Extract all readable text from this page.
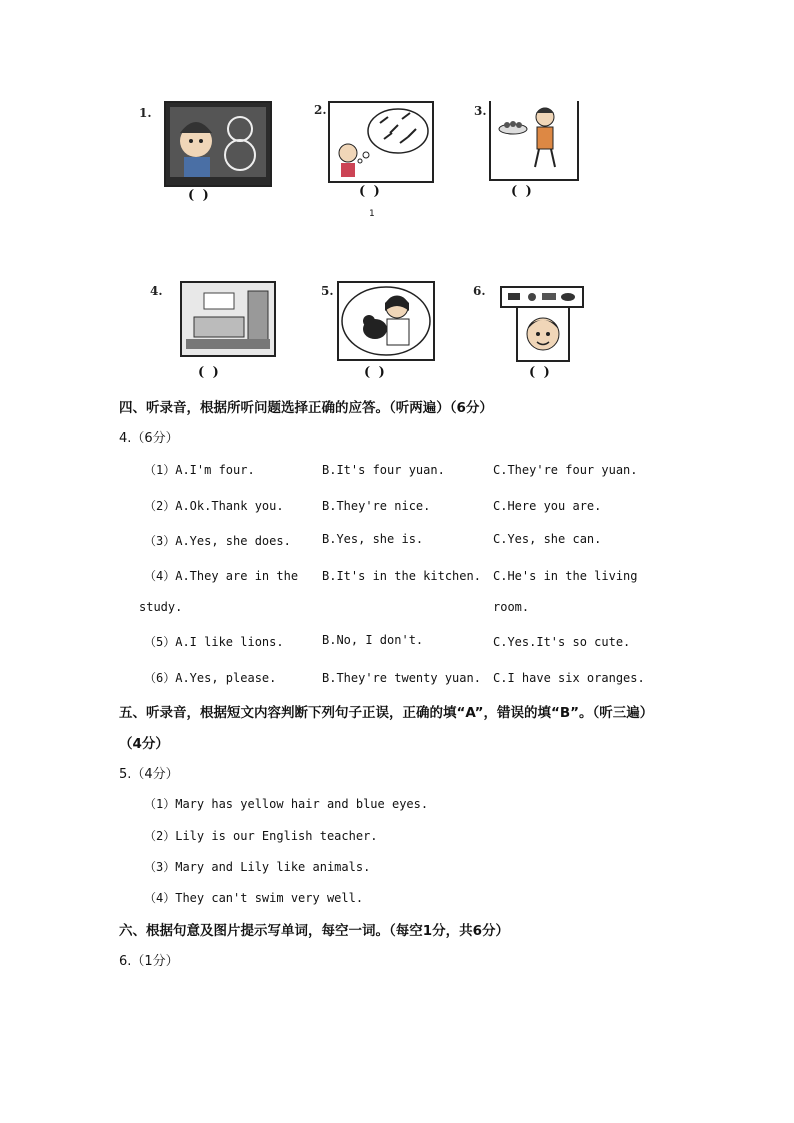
1.
( )
2.
( )
1
3.
( )
4.
( )
5.
( )
6.
( )
四、听录音，根据所听问题选择正确的应答。（听两遍）（6分）
4.（6分）
（1）A.I'm four.	B.It's four yuan.	C.They're four yuan.
（2）A.Ok.Thank you.	B.They're nice.	C.Here you are.
（3）A.Yes, she does.	B.Yes, she is.	C.Yes, she can.
（4）A.They are in the
study.
B.It's in the kitchen. C.He's in the living
room.
（5）A.I like lions.	B.No, I don't.	C.Yes.It's so cute.
（6）A.Yes, please.	B.They're twenty yuan. C.I have six oranges.
五、听录音，根据短文内容判断下列句子正误，正确的填“A”，错误的填“B”。（听三遍）
（4分）
5.（4分）
（1）Mary has yellow hair and blue eyes.
（2）Lily is our English teacher.
（3）Mary and Lily like animals.
（4）They can't swim very well.
六、根据句意及图片提示写单词，每空一词。（每空1分，共6分）
6.（1分）
